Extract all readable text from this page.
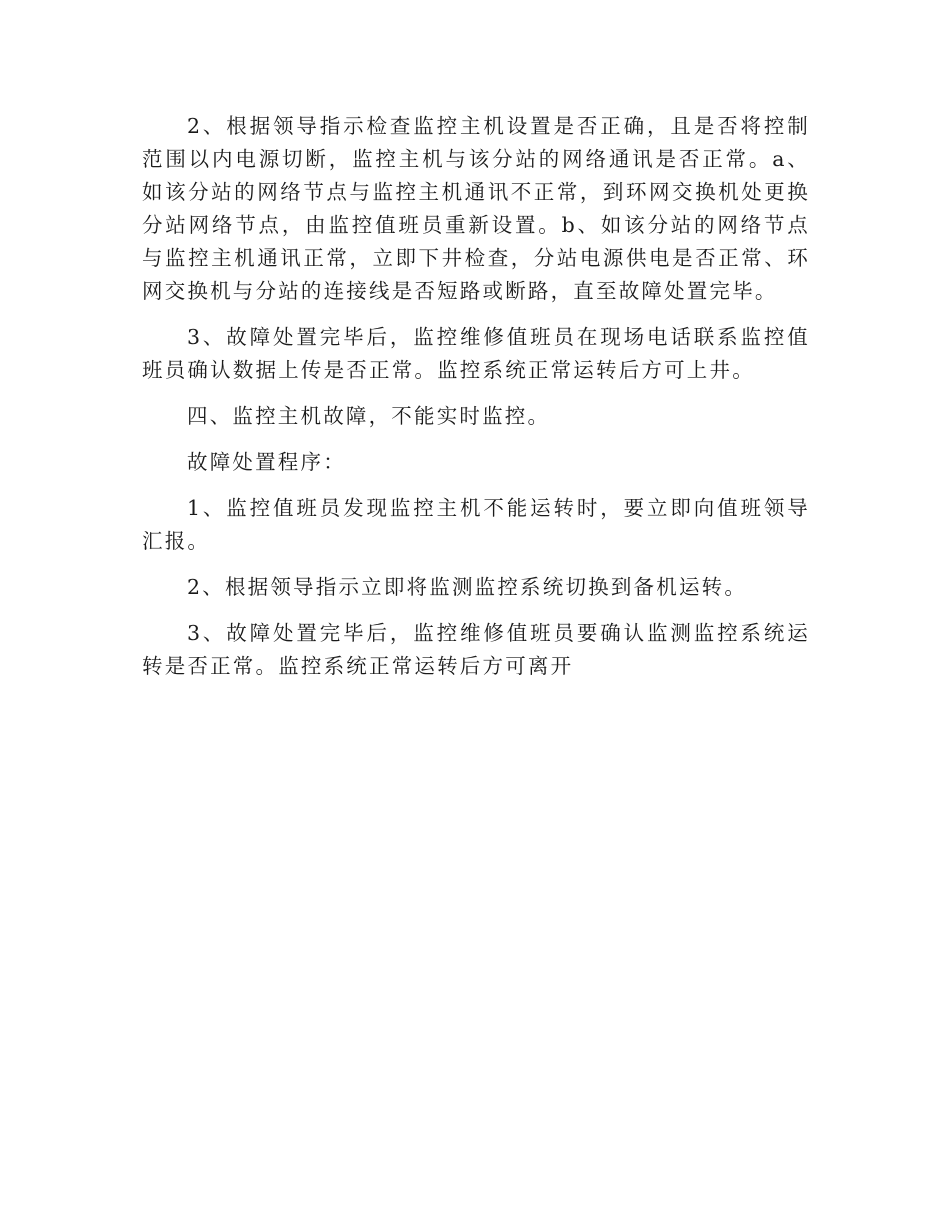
2、根据领导指示检查监控主机设置是否正确，且是否将控制范围以内电源切断，监控主机与该分站的网络通讯是否正常。a、如该分站的网络节点与监控主机通讯不正常，到环网交换机处更换分站网络节点，由监控值班员重新设置。b、如该分站的网络节点与监控主机通讯正常，立即下井检查，分站电源供电是否正常、环网交换机与分站的连接线是否短路或断路，直至故障处置完毕。

3、故障处置完毕后，监控维修值班员在现场电话联系监控值班员确认数据上传是否正常。监控系统正常运转后方可上井。

四、监控主机故障，不能实时监控。

故障处置程序：

1、监控值班员发现监控主机不能运转时，要立即向值班领导汇报。

2、根据领导指示立即将监测监控系统切换到备机运转。

3、故障处置完毕后，监控维修值班员要确认监测监控系统运转是否正常。监控系统正常运转后方可离开
